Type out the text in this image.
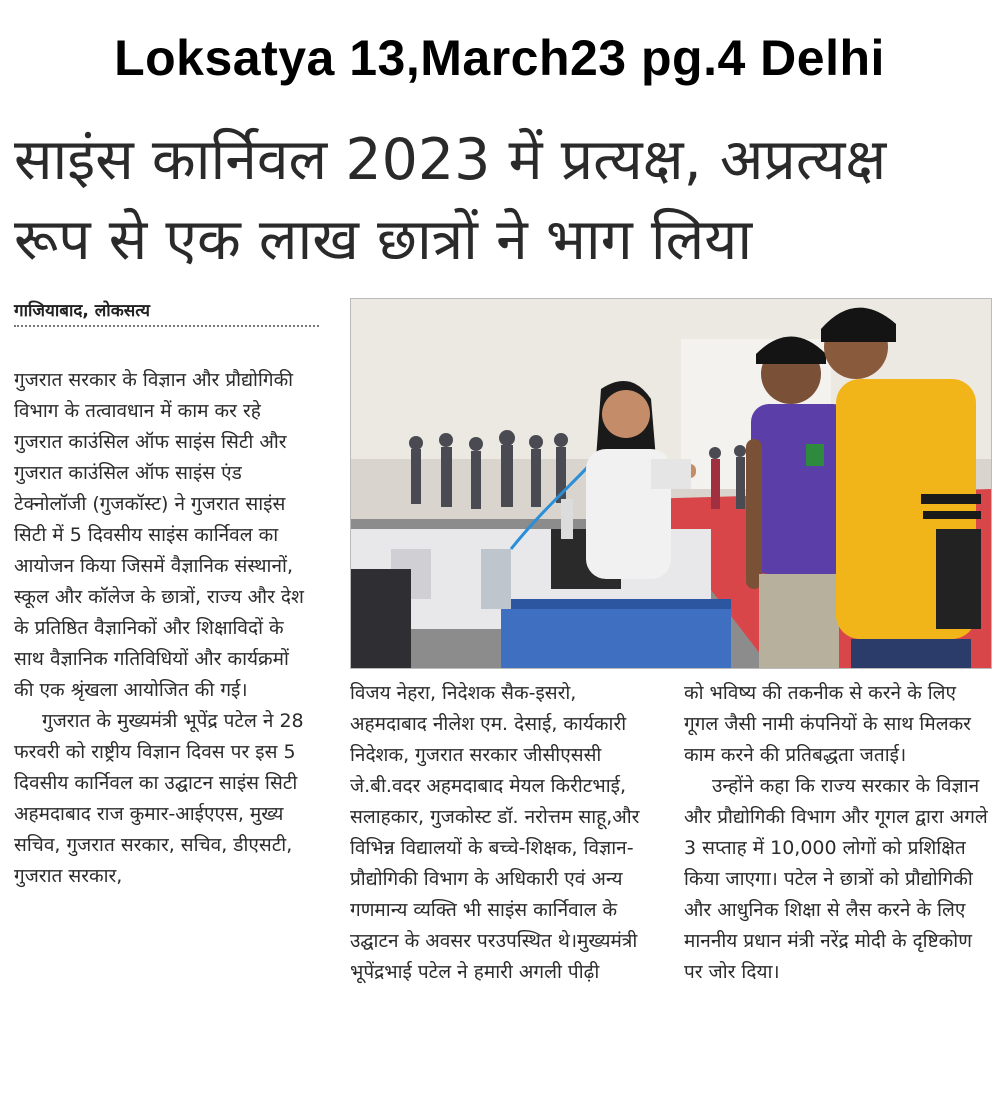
Loksatya 13,March23 pg.4 Delhi
साइंस कार्निवल 2023 में प्रत्यक्ष, अप्रत्यक्ष
रूप से एक लाख छात्रों ने भाग लिया
गाजियाबाद, लोकसत्य

गुजरात सरकार के विज्ञान और प्रौद्योगिकी विभाग के तत्वावधान में काम कर रहे गुजरात काउंसिल ऑफ साइंस सिटी और गुजरात काउंसिल ऑफ साइंस एंड टेक्नोलॉजी (गुजकॉस्ट) ने गुजरात साइंस सिटी में 5 दिवसीय साइंस कार्निवल का आयोजन किया जिसमें वैज्ञानिक संस्थानों, स्कूल और कॉलेज के छात्रों, राज्य और देश के प्रतिष्ठित वैज्ञानिकों और शिक्षाविदों के साथ वैज्ञानिक गतिविधियों और कार्यक्रमों की एक श्रृंखला आयोजित की गई।

गुजरात के मुख्यमंत्री भूपेंद्र पटेल ने 28 फरवरी को राष्ट्रीय विज्ञान दिवस पर इस 5 दिवसीय कार्निवल का उद्घाटन साइंस सिटी अहमदाबाद राज कुमार-आईएएस, मुख्य सचिव, गुजरात सरकार, सचिव, डीएसटी, गुजरात सरकार,

विजय नेहरा, निदेशक सैक-इसरो, अहमदाबाद नीलेश एम. देसाई, कार्यकारी निदेशक, गुजरात सरकार जीसीएससी जे.बी.वदर अहमदाबाद मेयल किरीटभाई, सलाहकार, गुजकोस्ट डॉ. नरोत्तम साहू,और विभिन्न विद्यालयों के बच्चे-शिक्षक, विज्ञान-प्रौद्योगिकी विभाग के अधिकारी एवं अन्य गणमान्य व्यक्ति भी साइंस कार्निवाल के उद्घाटन के अवसर परउपस्थित थे।मुख्यमंत्री भूपेंद्रभाई पटेल ने हमारी अगली पीढ़ी

को भविष्य की तकनीक से करने के लिए गूगल जैसी नामी कंपनियों के साथ मिलकर काम करने की प्रतिबद्धता जताई।

उन्होंने कहा कि राज्य सरकार के विज्ञान और प्रौद्योगिकी विभाग और गूगल द्वारा अगले 3 सप्ताह में 10,000 लोगों को प्रशिक्षित किया जाएगा। पटेल ने छात्रों को प्रौद्योगिकी और आधुनिक शिक्षा से लैस करने के लिए माननीय प्रधान मंत्री नरेंद्र मोदी के दृष्टिकोण पर जोर दिया।
